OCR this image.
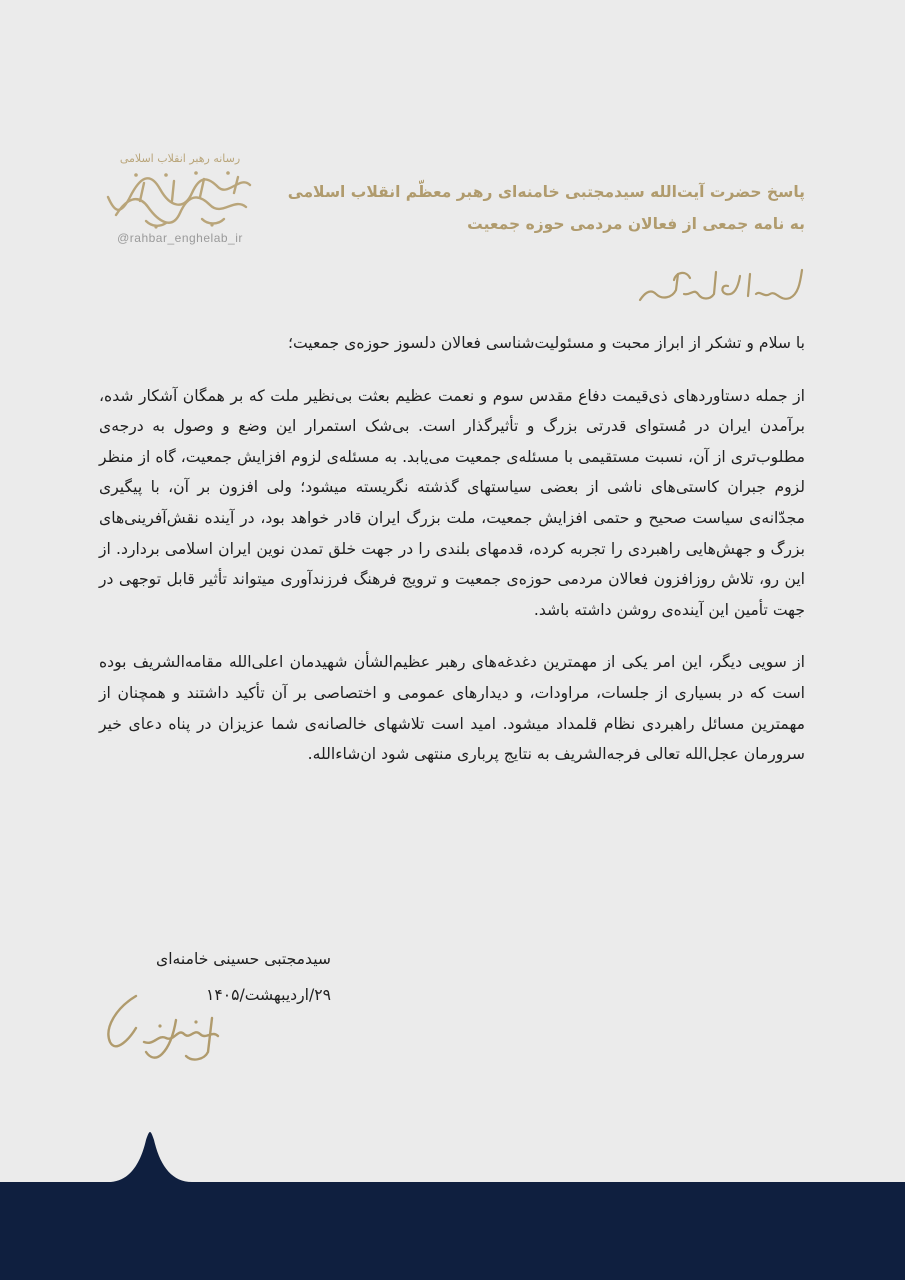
رسانه رهبر انقلاب اسلامی
@rahbar_enghelab_ir
پاسخ حضرت آیت‌الله سیدمجتبی خامنه‌ای رهبر معظّم انقلاب اسلامی
به نامه جمعی از فعالان مردمی حوزه جمعیت

با سلام و تشکر از ابراز محبت و مسئولیت‌شناسی فعالان دلسوز حوزه‌ی جمعیت؛

از جمله دستاوردهای ذی‌قیمت دفاع مقدس سوم و نعمت عظیم بعثت بی‌نظیر ملت که بر همگان آشکار شده، برآمدن ایران در مُستوای قدرتی بزرگ و تأثیرگذار است. بی‌شک استمرار این وضع و وصول به درجه‌ی مطلوب‌تری از آن، نسبت مستقیمی با مسئله‌ی جمعیت می‌یابد. به مسئله‌ی لزوم افزایش جمعیت، گاه از منظر لزوم جبران کاستی‌های ناشی از بعضی سیاستهای گذشته نگریسته میشود؛ ولی افزون بر آن، با پیگیری مجدّانه‌ی سیاست صحیح و حتمی افزایش جمعیت، ملت بزرگ ایران قادر خواهد بود، در آینده نقش‌آفرینی‌های بزرگ و جهش‌هایی راهبردی را تجربه کرده، قدمهای بلندی را در جهت خلق تمدن نوین ایران اسلامی بردارد. از این رو، تلاش روزافزون فعالان مردمی حوزه‌ی جمعیت و ترویج فرهنگ فرزندآوری میتواند تأثیر قابل توجهی در جهت تأمین این آینده‌ی روشن داشته باشد.

از سویی دیگر، این امر یکی از مهمترین دغدغه‌های رهبر عظیم‌الشأن شهیدمان اعلی‌الله مقامه‌الشریف بوده است که در بسیاری از جلسات، مراودات، و دیدارهای عمومی و اختصاصی بر آن تأکید داشتند و همچنان از مهمترین مسائل راهبردی نظام قلمداد میشود. امید است تلاشهای خالصانه‌ی شما عزیزان در پناه دعای خیر سرورمان عجل‌الله تعالی فرجه‌الشریف به نتایج پرباری منتهی شود ان‌شاءالله.

سیدمجتبی حسینی خامنه‌ای
۲۹/اردیبهشت/۱۴۰۵
